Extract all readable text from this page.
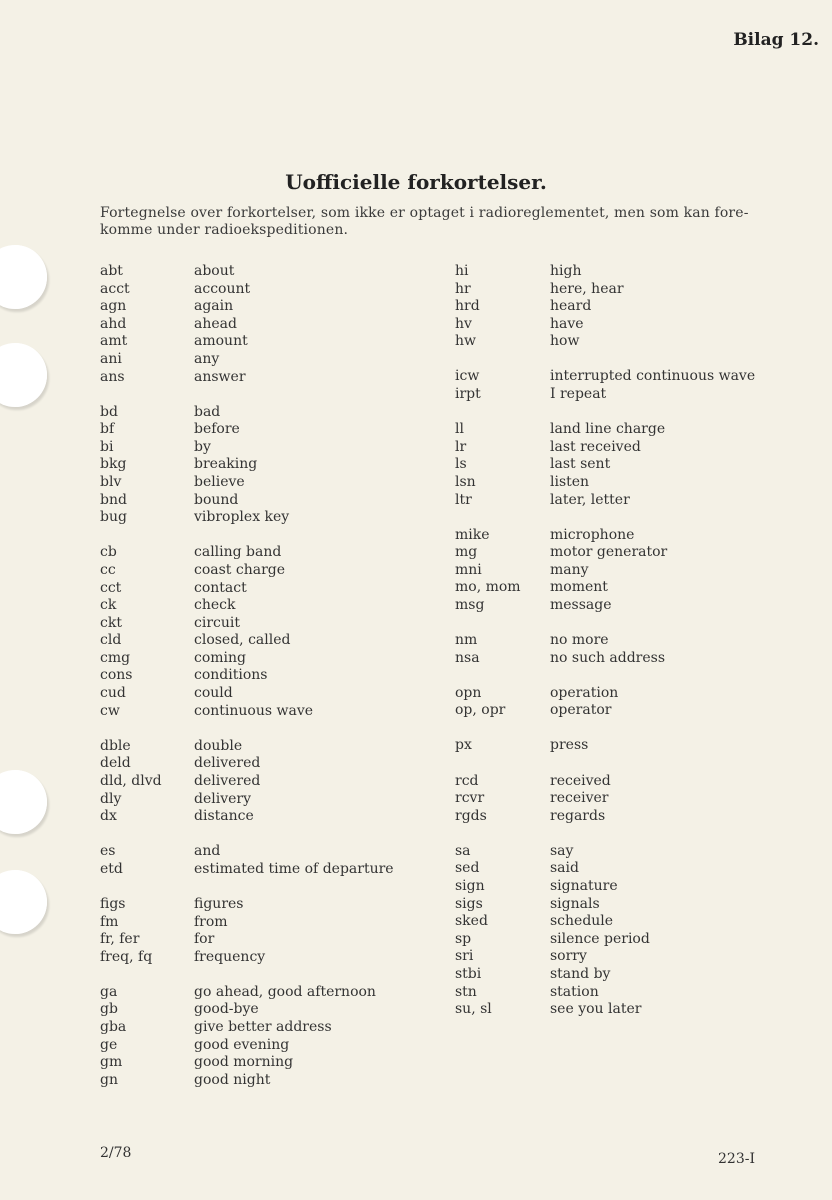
Bilag 12.
Uofficielle forkortelser.
Fortegnelse over forkortelser, som ikke er optaget i radioreglementet, men som kan fore-komme under radioekspeditionen.
abt	about
acct	account
agn	again
ahd	ahead
amt	amount
ani	any
ans	answer
bd	bad
bf	before
bi	by
bkg	breaking
blv	believe
bnd	bound
bug	vibroplex key
cb	calling band
cc	coast charge
cct	contact
ck	check
ckt	circuit
cld	closed, called
cmg	coming
cons	conditions
cud	could
cw	continuous wave
dble	double
deld	delivered
dld, dlvd	delivered
dly	delivery
dx	distance
es	and
etd	estimated time of departure
figs	figures
fm	from
fr, fer	for
freq, fq	frequency
ga	go ahead, good afternoon
gb	good-bye
gba	give better address
ge	good evening
gm	good morning
gn	good night
hi	high
hr	here, hear
hrd	heard
hv	have
hw	how
icw	interrupted continuous wave
irpt	I repeat
ll	land line charge
lr	last received
ls	last sent
lsn	listen
ltr	later, letter
mike	microphone
mg	motor generator
mni	many
mo, mom	moment
msg	message
nm	no more
nsa	no such address
opn	operation
op, opr	operator
px	press
rcd	received
rcvr	receiver
rgds	regards
sa	say
sed	said
sign	signature
sigs	signals
sked	schedule
sp	silence period
sri	sorry
stbi	stand by
stn	station
su, sl	see you later
2/78	223-I
